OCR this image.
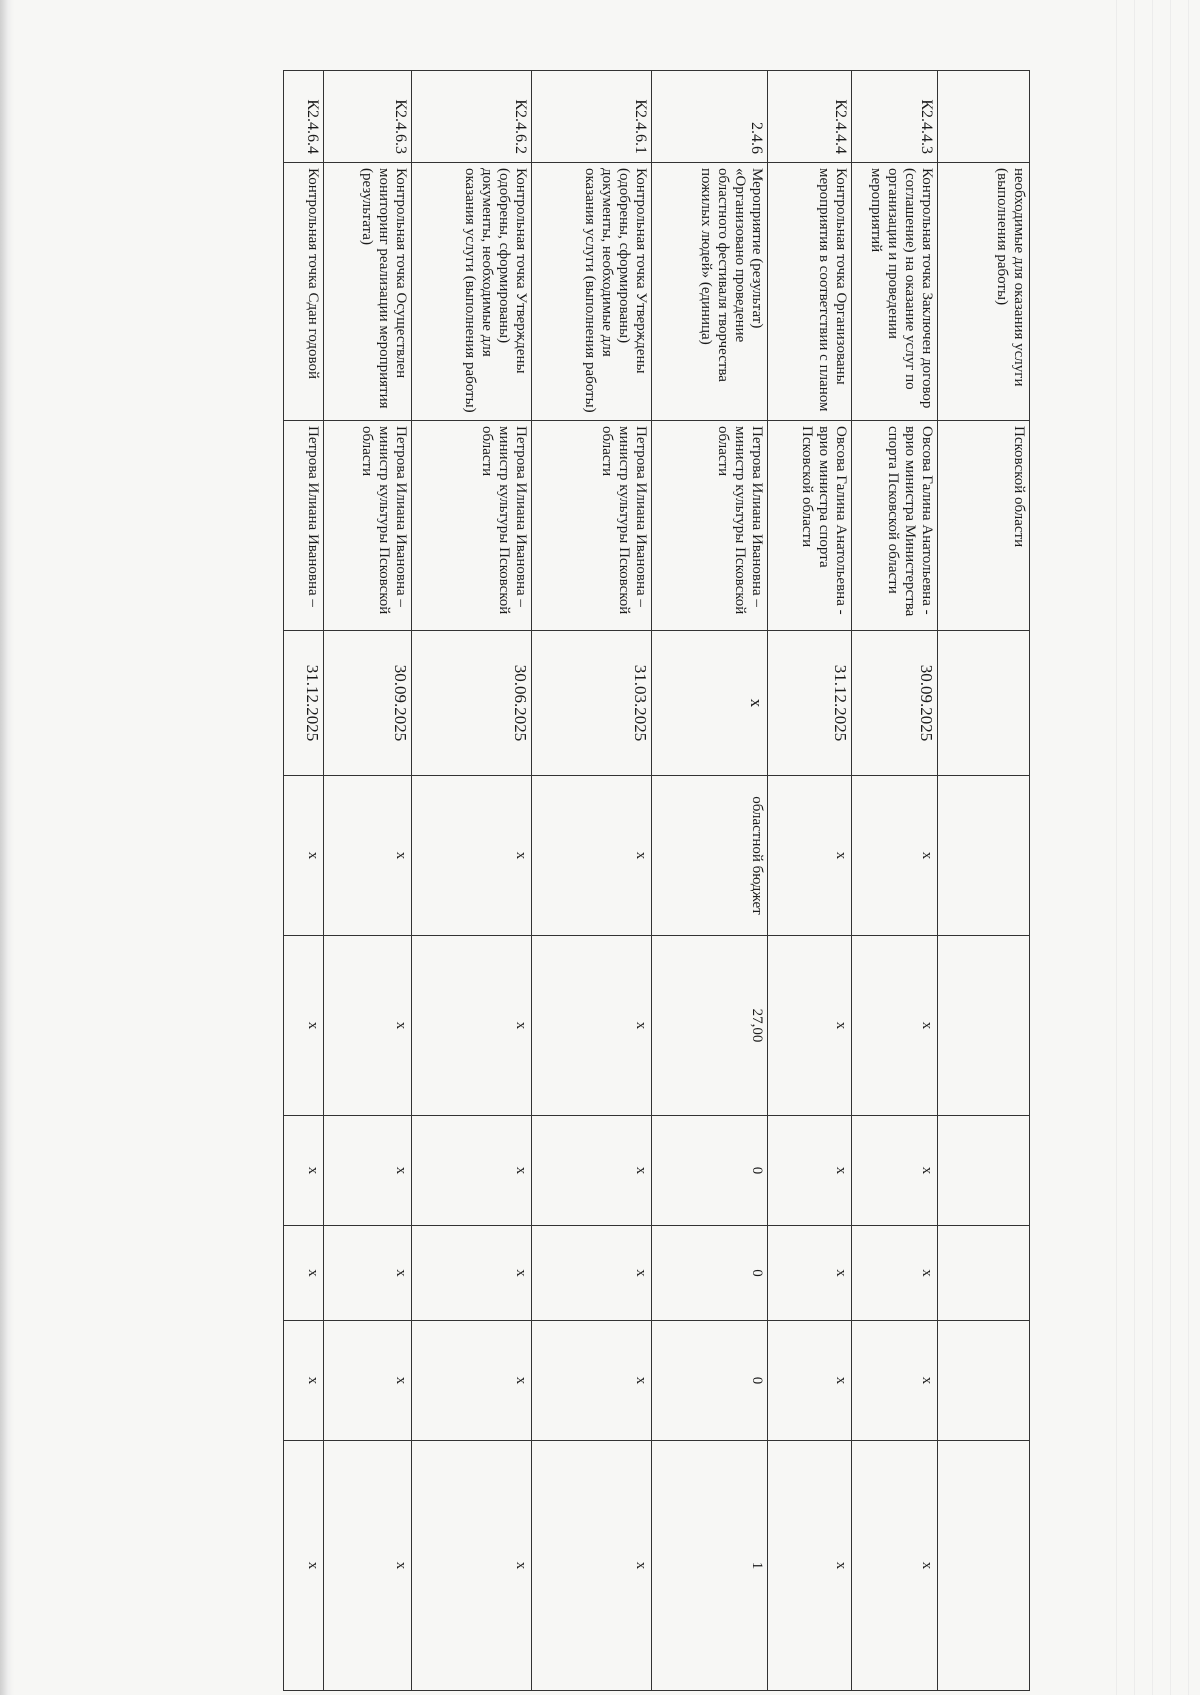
	необходимые для оказания услуги (выполнения работы)	Псковской области							
К2.4.4.3	Контрольная точка Заключен договор (соглашение) на оказание услуг по организации и проведении мероприятий	Овсова Галина Анатольевна - врио министра Министерства спорта Псковской области	30.09.2025	х	х	х	х	х	х
К2.4.4.4	Контрольная точка Организованы мероприятия в соответствии с планом	Овсова Галина Анатольевна - врио министра спорта Псковской области	31.12.2025	х	х	х	х	х	х
2.4.6	Мероприятие (результат) «Организовано проведение областного фестиваля творчества пожилых людей» (единица)	Петрова Илиана Ивановна – министр культуры Псковской области	х	областной бюджет	27,00	0	0	0	1
К2.4.6.1	Контрольная точка Утверждены (одобрены, сформированы) документы, необходимые для оказания услуги (выполнения работы)	Петрова Илиана Ивановна – министр культуры Псковской области	31.03.2025	х	х	х	х	х	х
К2.4.6.2	Контрольная точка Утверждены (одобрены, сформированы) документы, необходимые для оказания услуги (выполнения работы)	Петрова Илиана Ивановна – министр культуры Псковской области	30.06.2025	х	х	х	х	х	х
К2.4.6.3	Контрольная точка Осуществлен мониторинг реализации мероприятия (результата)	Петрова Илиана Ивановна – министр культуры Псковской области	30.09.2025	х	х	х	х	х	х
К2.4.6.4	Контрольная точка Сдан годовой	Петрова Илиана Ивановна –	31.12.2025	х	х	х	х	х	х
